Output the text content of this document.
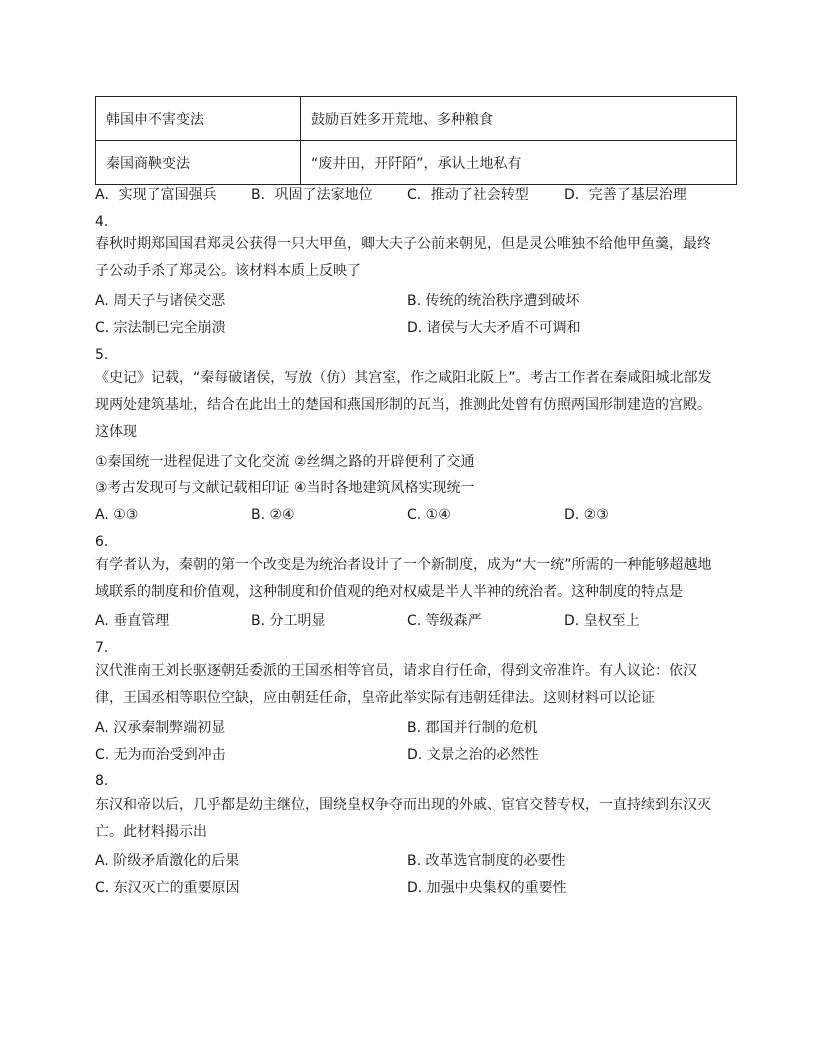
韩国申不害变法	鼓励百姓多开荒地、多种粮食
秦国商鞅变法	“废井田，开阡陌”，承认土地私有
A．实现了富国强兵 B．巩固了法家地位 C．推动了社会转型	D．完善了基层治理
4.
春秋时期郑国国君郑灵公获得一只大甲鱼，卿大夫子公前来朝见，但是灵公唯独不给他甲鱼羹，最终子公动手杀了郑灵公。该材料本质上反映了
A. 周天子与诸侯交恶	B. 传统的统治秩序遭到破坏
C. 宗法制已完全崩溃	D. 诸侯与大夫矛盾不可调和
5.
《史记》记载，“秦每破诸侯，写放（仿）其宫室，作之咸阳北阪上”。考古工作者在秦咸阳城北部发现两处建筑基址，结合在此出土的楚国和燕国形制的瓦当，推测此处曾有仿照两国形制建造的宫殿。这体现
①秦国统一进程促进了文化交流 ②丝绸之路的开辟便利了交通
③考古发现可与文献记载相印证 ④当时各地建筑风格实现统一
A. ①③	B. ②④	C. ①④	D. ②③
6.
有学者认为，秦朝的第一个改变是为统治者设计了一个新制度，成为“大一统”所需的一种能够超越地域联系的制度和价值观，这种制度和价值观的绝对权威是半人半神的统治者。这种制度的特点是
A. 垂直管理	B. 分工明显	C. 等级森严	D. 皇权至上
7.
汉代淮南王刘长驱逐朝廷委派的王国丞相等官员，请求自行任命，得到文帝准许。有人议论：依汉律，王国丞相等职位空缺，应由朝廷任命，皇帝此举实际有违朝廷律法。这则材料可以论证
A. 汉承秦制弊端初显	B. 郡国并行制的危机
C. 无为而治受到冲击	D. 文景之治的必然性
8.
东汉和帝以后，几乎都是幼主继位，围绕皇权争夺而出现的外戚、宦官交替专权，一直持续到东汉灭亡。此材料揭示出
A. 阶级矛盾激化的后果	B. 改革选官制度的必要性
C. 东汉灭亡的重要原因	D. 加强中央集权的重要性
